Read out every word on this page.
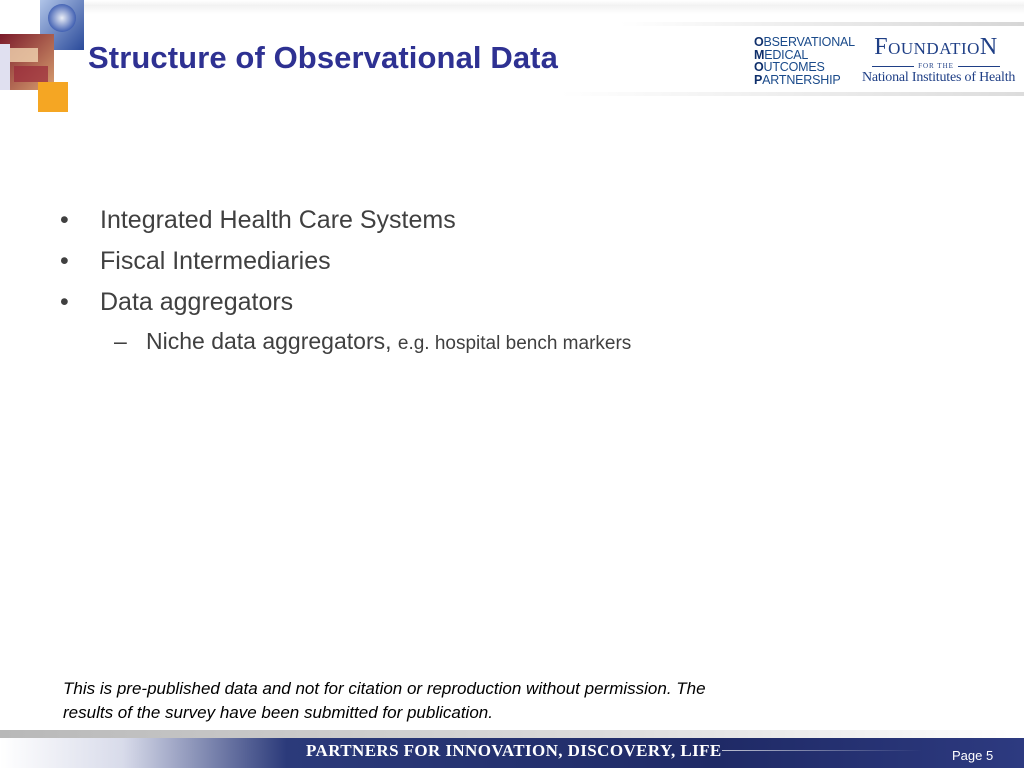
Structure of Observational Data	OBSERVATIONAL
MEDICAL
OUTCOMES
PARTNERSHIP
FOUNDATION
FOR THE
National Institutes of Health
•	Integrated Health Care Systems
•	Fiscal Intermediaries
•	Data aggregators
– Niche data aggregators, e.g. hospital bench markers
This is pre-published data and not for citation or reproduction without permission. The
results of the survey have been submitted for publication.
PARTNERS FOR INNOVATION, DISCOVERY, LIFE	Page 5
